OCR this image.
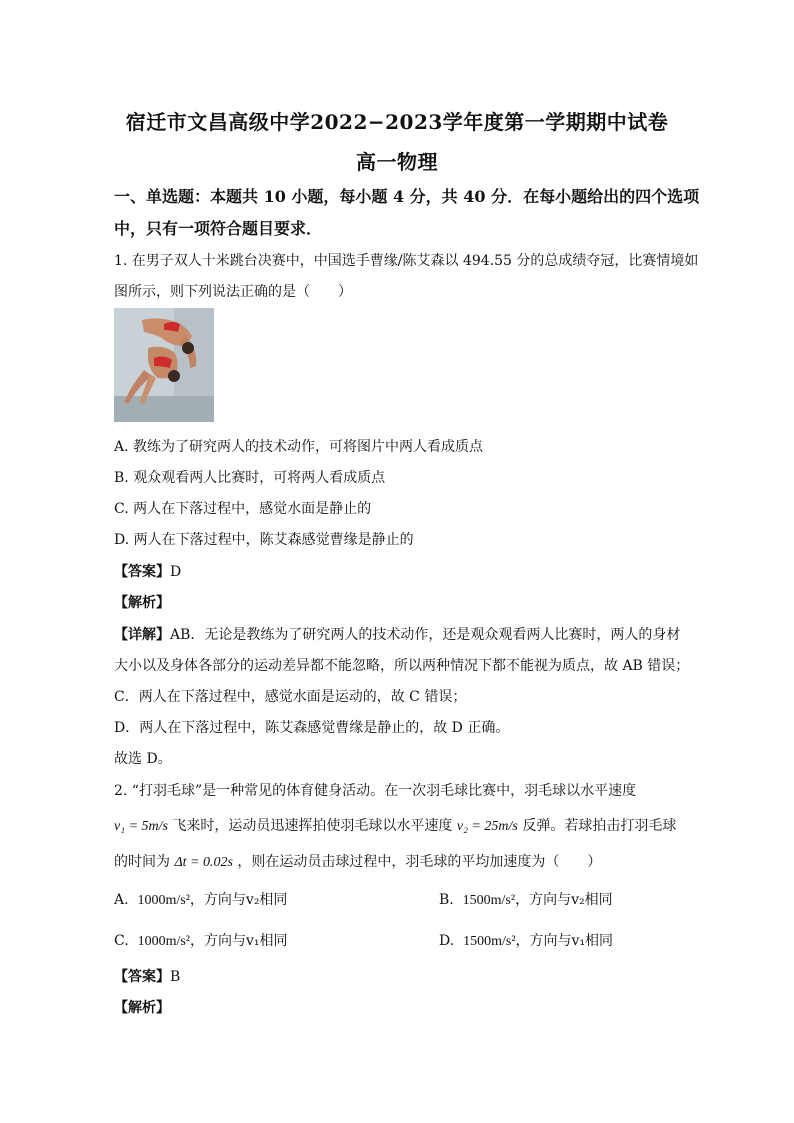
宿迁市文昌高级中学2022−2023学年度第一学期期中试卷
高一物理
一、单选题：本题共 10 小题，每小题 4 分，共 40 分．在每小题给出的四个选项
中，只有一项符合题目要求．
1. 在男子双人十米跳台决赛中，中国选手曹缘/陈艾森以 494.55 分的总成绩夺冠，比赛情境如
图所示，则下列说法正确的是（　　）
A. 教练为了研究两人的技术动作，可将图片中两人看成质点
B. 观众观看两人比赛时，可将两人看成质点
C. 两人在下落过程中，感觉水面是静止的
D. 两人在下落过程中，陈艾森感觉曹缘是静止的
【答案】D
【解析】
【详解】AB．无论是教练为了研究两人的技术动作，还是观众观看两人比赛时，两人的身材
大小以及身体各部分的运动差异都不能忽略，所以两种情况下都不能视为质点，故 AB 错误；
C．两人在下落过程中，感觉水面是运动的，故 C 错误；
D．两人在下落过程中，陈艾森感觉曹缘是静止的，故 D 正确。
故选 D。
2. “打羽毛球”是一种常见的体育健身活动。在一次羽毛球比赛中，羽毛球以水平速度
v₁ = 5m/s 飞来时，运动员迅速挥拍使羽毛球以水平速度 v₂ = 25m/s 反弹。若球拍击打羽毛球
的时间为 Δt = 0.02s ，则在运动员击球过程中，羽毛球的平均加速度为（　　）
A. 1000m/s²，方向与v₂相同	B. 1500m/s²，方向与v₂相同
C. 1000m/s²，方向与v₁相同	D. 1500m/s²，方向与v₁相同
【答案】B
【解析】
